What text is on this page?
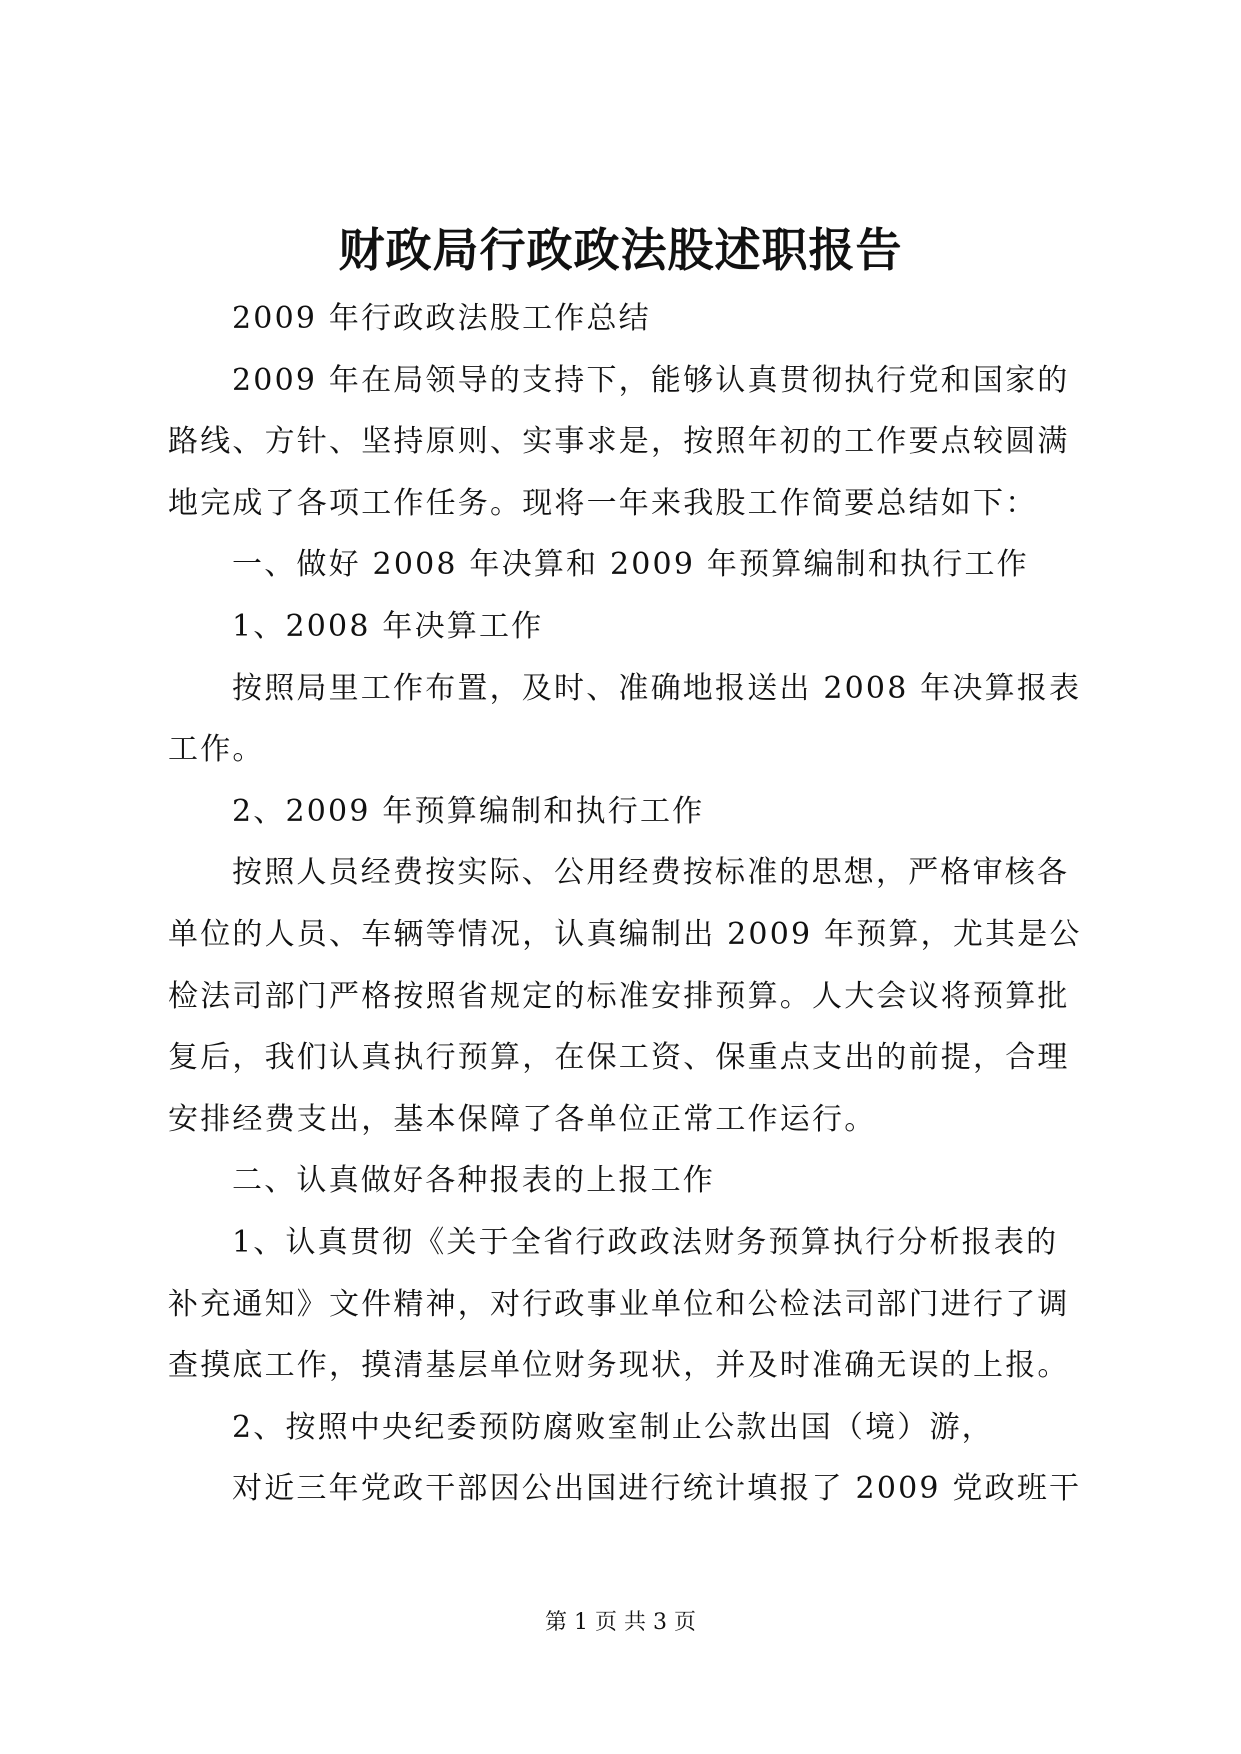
财政局行政政法股述职报告
2009 年行政政法股工作总结
2009 年在局领导的支持下，能够认真贯彻执行党和国家的
路线、方针、坚持原则、实事求是，按照年初的工作要点较圆满
地完成了各项工作任务。现将一年来我股工作简要总结如下：
一、做好 2008 年决算和 2009 年预算编制和执行工作
1、2008 年决算工作
按照局里工作布置，及时、准确地报送出 2008 年决算报表
工作。
2、2009 年预算编制和执行工作
按照人员经费按实际、公用经费按标准的思想，严格审核各
单位的人员、车辆等情况，认真编制出 2009 年预算，尤其是公
检法司部门严格按照省规定的标准安排预算。人大会议将预算批
复后，我们认真执行预算，在保工资、保重点支出的前提，合理
安排经费支出，基本保障了各单位正常工作运行。
二、认真做好各种报表的上报工作
1、认真贯彻《关于全省行政政法财务预算执行分析报表的
补充通知》文件精神，对行政事业单位和公检法司部门进行了调
查摸底工作，摸清基层单位财务现状，并及时准确无误的上报。
2、按照中央纪委预防腐败室制止公款出国（境）游，
对近三年党政干部因公出国进行统计填报了 2009 党政班干
第 1 页 共 3 页
